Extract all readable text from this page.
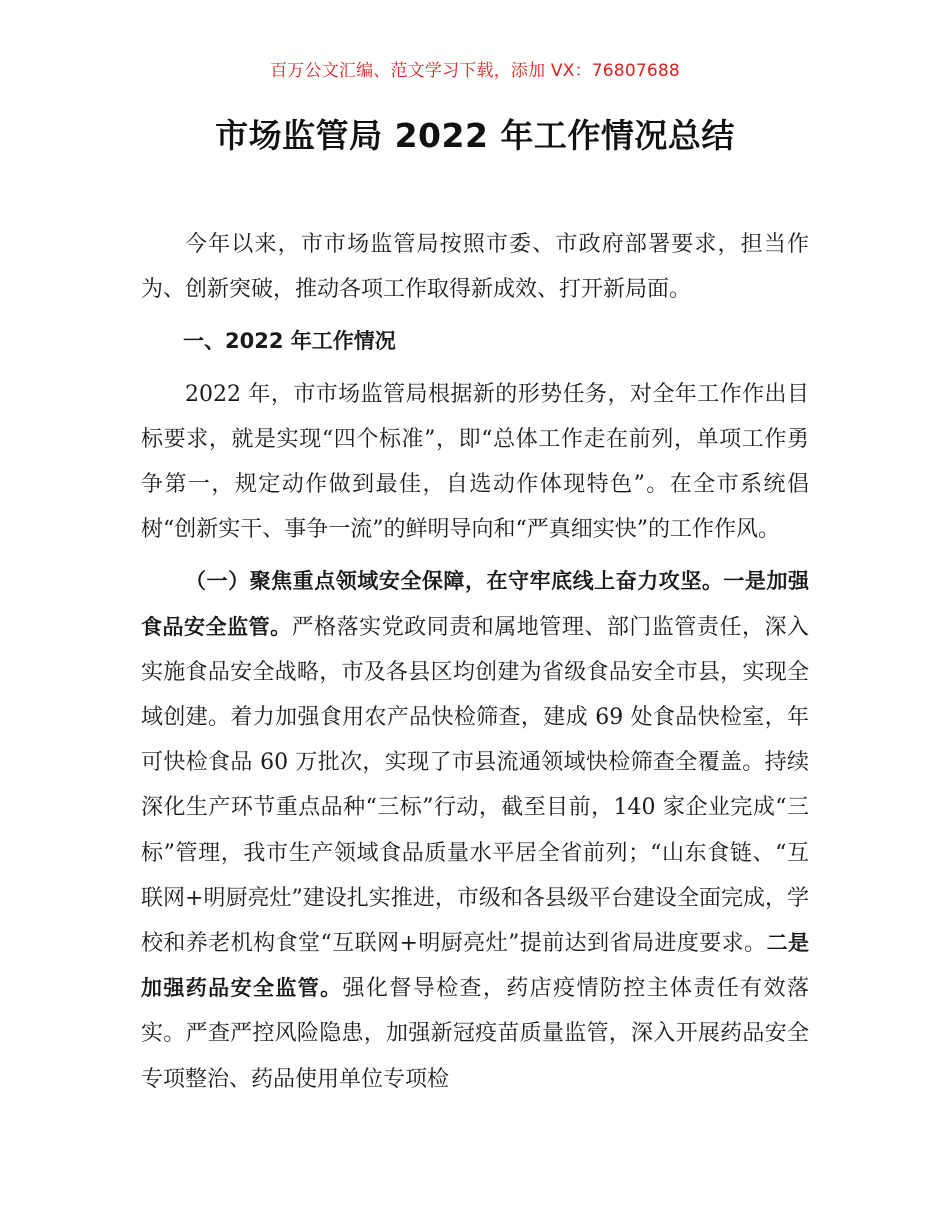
百万公文汇编、范文学习下载，添加 VX：76807688
市场监管局 2022 年工作情况总结

今年以来，市市场监管局按照市委、市政府部署要求，担当作为、创新突破，推动各项工作取得新成效、打开新局面。

一、2022 年工作情况

2022 年，市市场监管局根据新的形势任务，对全年工作作出目标要求，就是实现“四个标准”，即“总体工作走在前列，单项工作勇争第一，规定动作做到最佳，自选动作体现特色”。在全市系统倡树“创新实干、事争一流”的鲜明导向和“严真细实快”的工作作风。

（一）聚焦重点领域安全保障，在守牢底线上奋力攻坚。一是加强食品安全监管。严格落实党政同责和属地管理、部门监管责任，深入实施食品安全战略，市及各县区均创建为省级食品安全市县，实现全域创建。着力加强食用农产品快检筛查，建成 69 处食品快检室，年可快检食品 60 万批次，实现了市县流通领域快检筛查全覆盖。持续深化生产环节重点品种“三标”行动，截至目前，140 家企业完成“三标”管理，我市生产领域食品质量水平居全省前列；“山东食链、“互联网+明厨亮灶”建设扎实推进，市级和各县级平台建设全面完成，学校和养老机构食堂“互联网+明厨亮灶”提前达到省局进度要求。二是加强药品安全监管。强化督导检查，药店疫情防控主体责任有效落实。严查严控风险隐患，加强新冠疫苗质量监管，深入开展药品安全专项整治、药品使用单位专项检
